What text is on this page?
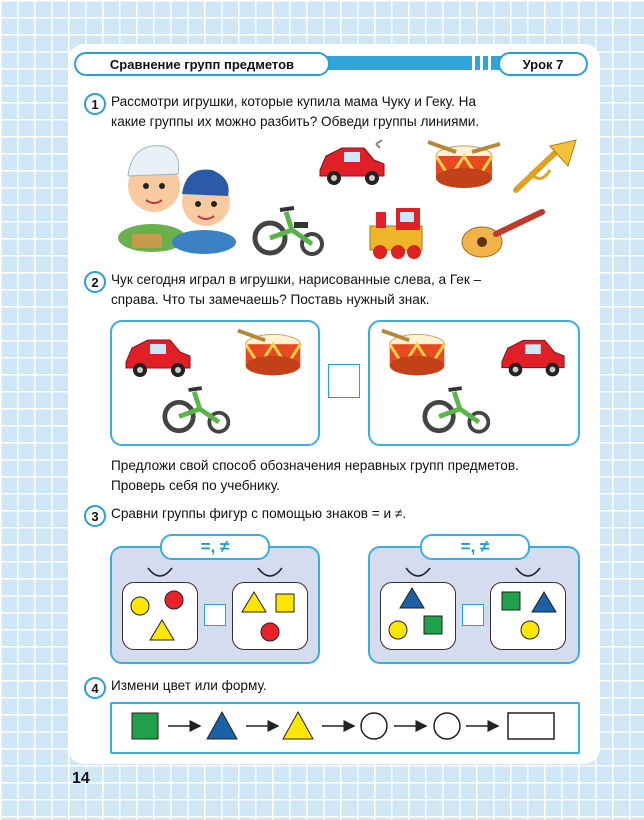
Сравнение групп предметов	Урок 7
1 Рассмотри игрушки, которые купила мама Чуку и Геку. На
какие группы их можно разбить? Обведи группы линиями.
2 Чук сегодня играл в игрушки, нарисованные слева, а Гек –
справа. Что ты замечаешь? Поставь нужный знак.
Предложи свой способ обозначения неравных групп предметов.
Проверь себя по учебнику.
3 Сравни группы фигур с помощью знаков = и ≠.
=, ≠	=, ≠
4 Измени цвет или форму.
14
